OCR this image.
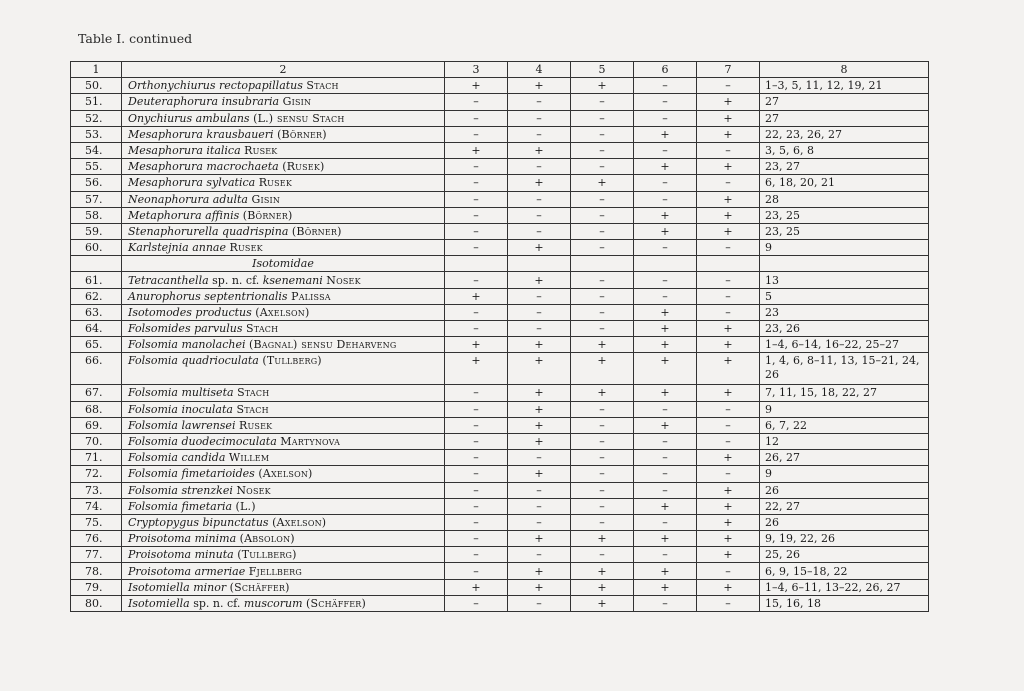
Table I. continued
1	2	3	4	5	6	7	8
50.	Orthonychiurus rectopapillatus Stach	+	+	+	–	–	1–3, 5, 11, 12, 19, 21
51.	Deuteraphorura insubraria Gisin	–	–	–	–	+	27
52.	Onychiurus ambulans (L.) sensu Stach	–	–	–	–	+	27
53.	Mesaphorura krausbaueri (Börner)	–	–	–	+	+	22, 23, 26, 27
54.	Mesaphorura italica Rusek	+	+	–	–	–	3, 5, 6, 8
55.	Mesaphorura macrochaeta (Rusek)	–	–	–	+	+	23, 27
56.	Mesaphorura sylvatica Rusek	–	+	+	–	–	6, 18, 20, 21
57.	Neonaphorura adulta Gisin	–	–	–	–	+	28
58.	Metaphorura affinis (Börner)	–	–	–	+	+	23, 25
59.	Stenaphorurella quadrispina (Börner)	–	–	–	+	+	23, 25
60.	Karlstejnia annae Rusek	–	+	–	–	–	9
	Isotomidae						
61.	Tetracanthella sp. n. cf. ksenemani Nosek	–	+	–	–	–	13
62.	Anurophorus septentrionalis Palissa	+	–	–	–	–	5
63.	Isotomodes productus (Axelson)	–	–	–	+	–	23
64.	Folsomides parvulus Stach	–	–	–	+	+	23, 26
65.	Folsomia manolachei (Bagnal) sensu Deharveng	+	+	+	+	+	1–4, 6–14, 16–22, 25–27
66.	Folsomia quadrioculata (Tullberg)	+	+	+	+	+	1, 4, 6, 8–11, 13, 15–21, 24, 26
67.	Folsomia multiseta Stach	–	+	+	+	+	7, 11, 15, 18, 22, 27
68.	Folsomia inoculata Stach	–	+	–	–	–	9
69.	Folsomia lawrensei Rusek	–	+	–	+	–	6, 7, 22
70.	Folsomia duodecimoculata Martynova	–	+	–	–	–	12
71.	Folsomia candida Willem	–	–	–	–	+	26, 27
72.	Folsomia fimetarioides (Axelson)	–	+	–	–	–	9
73.	Folsomia strenzkei Nosek	–	–	–	–	+	26
74.	Folsomia fimetaria (L.)	–	–	–	+	+	22, 27
75.	Cryptopygus bipunctatus (Axelson)	–	–	–	–	+	26
76.	Proisotoma minima (Absolon)	–	+	+	+	+	9, 19, 22, 26
77.	Proisotoma minuta (Tullberg)	–	–	–	–	+	25, 26
78.	Proisotoma armeriae Fjellberg	–	+	+	+	–	6, 9, 15–18, 22
79.	Isotomiella minor (Schäffer)	+	+	+	+	+	1–4, 6–11, 13–22, 26, 27
80.	Isotomiella sp. n. cf. muscorum (Schäffer)	–	–	+	–	–	15, 16, 18
